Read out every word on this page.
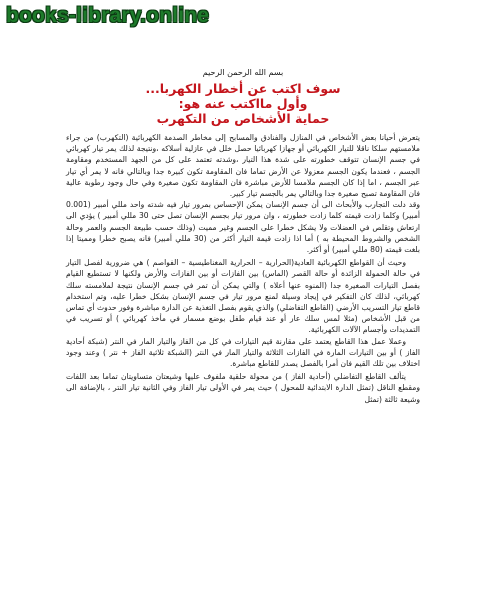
books-library.online
بسم الله الرحمن الرحيم
سوف اكتب عن أخطار الكهربا...
وأول مااكتب عنه هو:
حماية الأشخاص من التكهرب

يتعرض أحيانا بعض الأشخاص في المنازل والفنادق والمسابح إلى مخاطر الصدمة الكهربائية (التكهرب) من جراء ملامستهم سلكا ناقلا للتيار الكهربائي أو جهازا كهربائيا حصل خلل في عازلية أسلاكه ،ونتيجة لذلك يمر تيار كهربائي في جسم الإنسان تتوقف خطورته على شدة هذا التيار ،وشدته تعتمد على كل من الجهد المستخدم ومقاومة الجسم ، فعندما يكون الجسم معزولا عن الأرض تماما فان المقاومة تكون كبيرة جدا وبالتالي فانه لا يمر أي تيار عبر الجسم ، اما إذا كان الجسم ملامسا للأرض مباشرة فان المقاومة تكون صغيرة وفي حال وجود رطوبة عالية فان المقاومة تصبح صغيرة جدا وبالتالي يمر بالجسم تيار كبير.

وقد دلت التجارب والأبحاث الى أن جسم الإنسان يمكن الإحساس بمرور تيار فيه شدته واحد مللي أمبير (0.001 أمبير) وكلما زادت قيمته كلما زادت خطورته ، وان مرور تيار بجسم الإنسان تصل حتى 30 مللي أمبير ) يؤدي الى ارتعاش وتقلص في العضلات ولا يشكل خطرا على الجسم وغير مميت (وذلك حسب طبيعة الجسم والعمر وحالة الشخص والشروط المحيطة به ) أما اذا زادت قيمة التيار أكثر من (30 مللي أمبير) فانه يصبح خطرا ومميتا إذا بلغت قيمته (80 مللي أمبير) أو أكثر.

وحيث أن القواطع الكهربائية العادية(الحرارية – الحرارية المغناطيسية – الفواصم ) هي ضرورية لفصل التيار في حالة الحمولة الزائدة أو حالة القصر (الماس) بين الفازات أو بين الفازات والأرض ولكنها لا تستطيع القيام بفصل التيارات الصغيرة جدا (المنوه عنها أعلاه ) والتي يمكن أن تمر في جسم الإنسان نتيجة لملامسته سلك كهربائي، لذلك كان التفكير في إيجاد وسيلة لمنع مرور تيار في جسم الإنسان بشكل خطرا عليه، وتم استخدام قاطع تيار التسريب الأرضي (القاطع التفاضلي) والذي يقوم بفصل التغذية عن الدارة مباشرة وفور حدوث أي تماس من قبل الأشخاص (مثلا لمس سلك عار أو عند قيام طفل بوضع مسمار في مأخذ كهربائي ) أو تسريب في التمديدات وأجسام الآلات الكهربائية.

وعملا عمل هذا القاطع يعتمد على مقارنة قيم التيارات في كل من الفاز والتيار المار في النتر (شبكة أحادية الفاز ) أو بين التيارات المارة في الفازات الثلاثة والتيار المار في النتر (الشبكة ثلاثية الفاز + نتر ) وعند وجود اختلاف بين تلك القيم فان أمرا بالفصل يصدر للقاطع مباشرة.

يتألف القاطع التفاضلي (أحادية الفاز ) من محولة حلقية ملفوف عليها وشيعتان متساويتان تماما بعد اللفات ومقطع الناقل (تمثل الدارة الابتدائية للمحول ) حيث يمر في الأولى تيار الفاز وفي الثانية تيار النتر ، بالإضافة الى وشيعة ثالثة (تمثل
